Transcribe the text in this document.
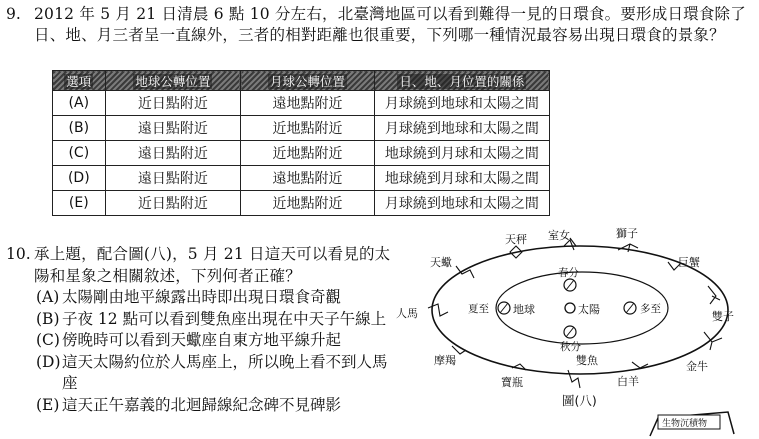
9. 2012 年 5 月 21 日清晨 6 點 10 分左右，北臺灣地區可以看到難得一見的日環食。要形成日環食除了日、地、月三者呈一直線外，三者的相對距離也很重要，下列哪一種情況最容易出現日環食的景象？
選項	地球公轉位置	月球公轉位置	日、地、月位置的關係
(A)	近日點附近	遠地點附近	月球繞到地球和太陽之間
(B)	遠日點附近	近地點附近	月球繞到地球和太陽之間
(C)	遠日點附近	近地點附近	地球繞到月球和太陽之間
(D)	遠日點附近	遠地點附近	地球繞到月球和太陽之間
(E)	近日點附近	近地點附近	月球繞到地球和太陽之間
10. 承上題，配合圖(八)，5 月 21 日這天可以看見的太陽和星象之相關敘述，下列何者正確？
(A) 太陽剛由地平線露出時即出現日環食奇觀
(B) 子夜 12 點可以看到雙魚座出現在中天子午線上
(C) 傍晚時可以看到天蠍座自東方地平線升起
(D) 這天太陽約位於人馬座上，所以晚上看不到人馬座
(E) 這天正午嘉義的北迴歸線紀念碑不見碑影
太陽
春分
夏至 地球
秋分
多至
室女	獅子
巨蟹
雙子
金牛
白羊
雙魚
寶瓶
摩羯
人馬
天蠍
天秤
圖(八)
生物沉積物
